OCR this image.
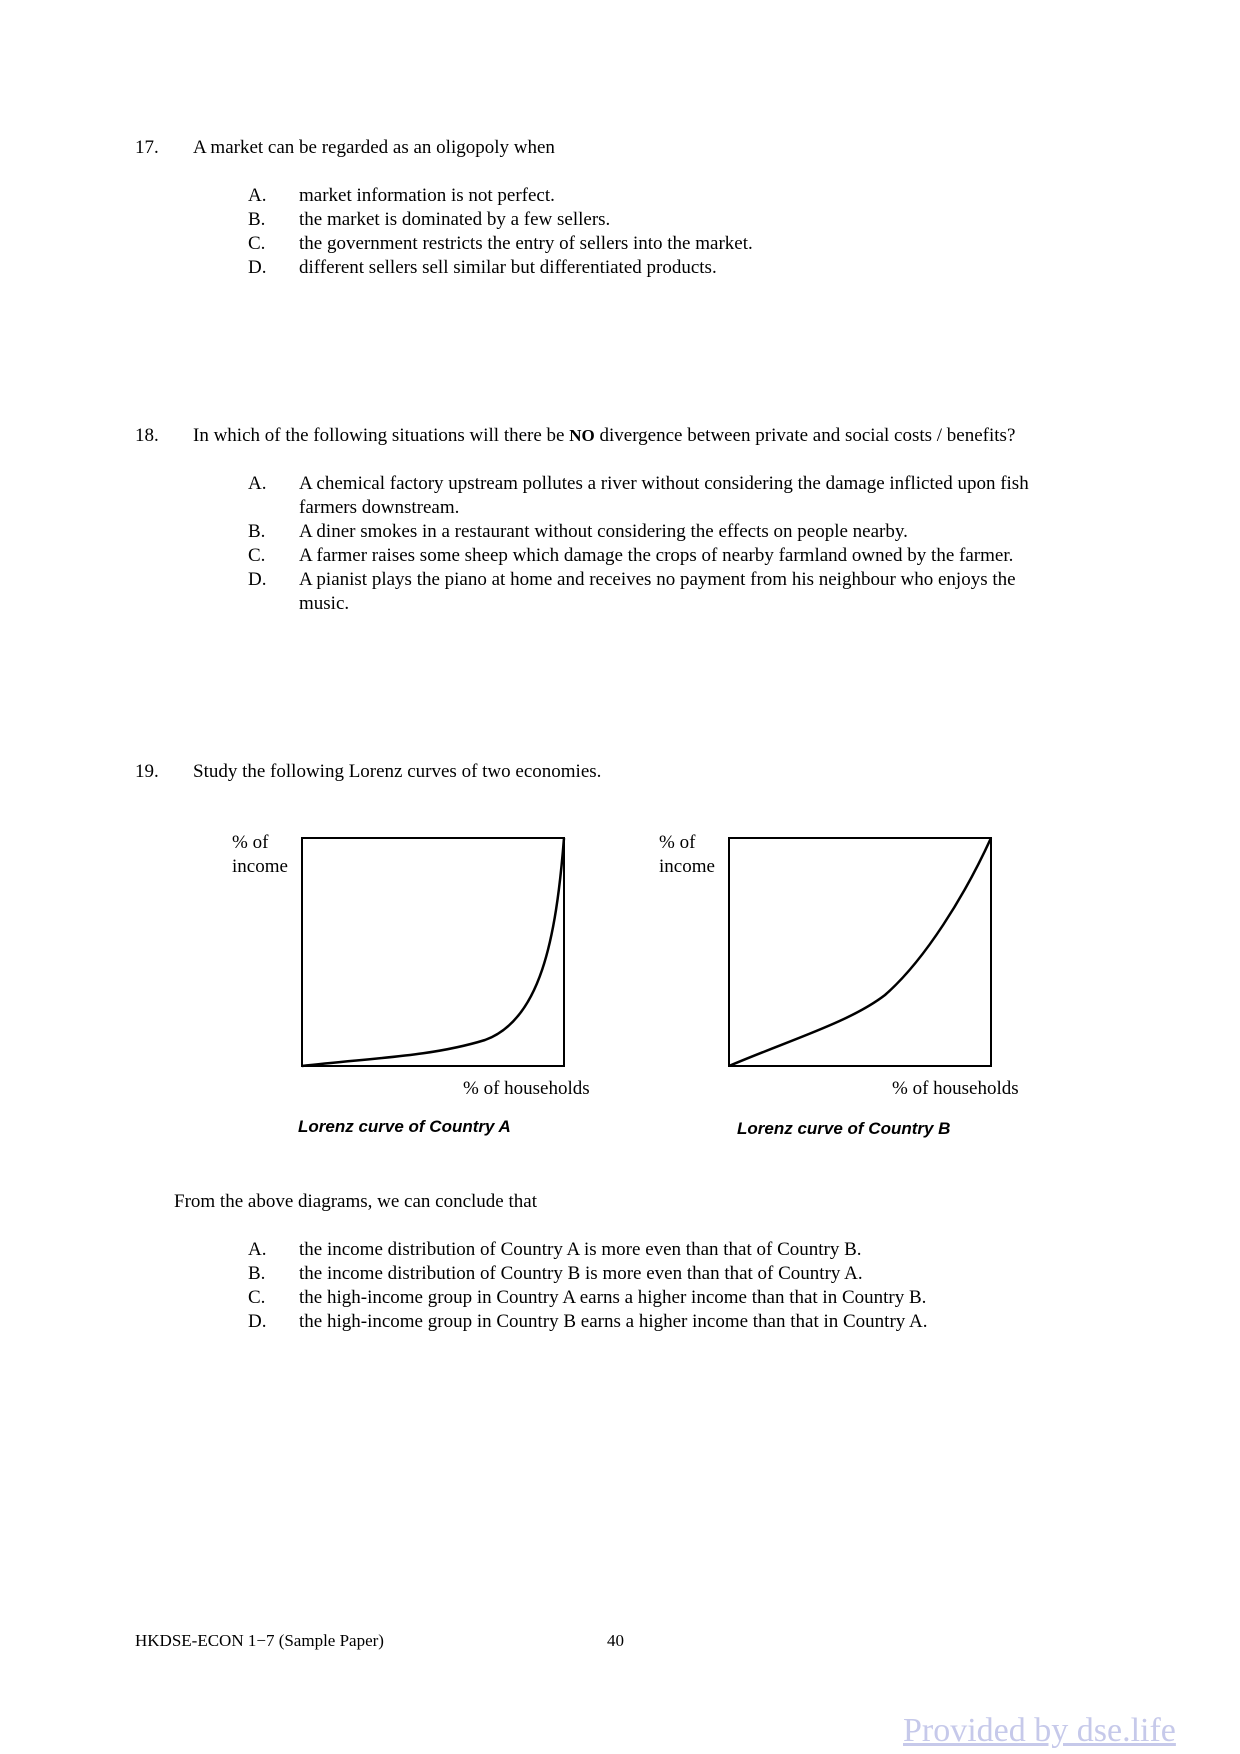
17. A market can be regarded as an oligopoly when
A. market information is not perfect.
B. the market is dominated by a few sellers.
C. the government restricts the entry of sellers into the market.
D. different sellers sell similar but differentiated products.
18. In which of the following situations will there be NO divergence between private and social costs / benefits?
A. A chemical factory upstream pollutes a river without considering the damage inflicted upon fish
farmers downstream.
B. A diner smokes in a restaurant without considering the effects on people nearby.
C. A farmer raises some sheep which damage the crops of nearby farmland owned by the farmer.
D. A pianist plays the piano at home and receives no payment from his neighbour who enjoys the
music.
19. Study the following Lorenz curves of two economies.
% of
income
% of households
Lorenz curve of Country A
% of
income
% of households
Lorenz curve of Country B
From the above diagrams, we can conclude that
A. the income distribution of Country A is more even than that of Country B.
B. the income distribution of Country B is more even than that of Country A.
C. the high-income group in Country A earns a higher income than that in Country B.
D. the high-income group in Country B earns a higher income than that in Country A.
HKDSE-ECON 1−7 (Sample Paper)	40
Provided by dse.life
